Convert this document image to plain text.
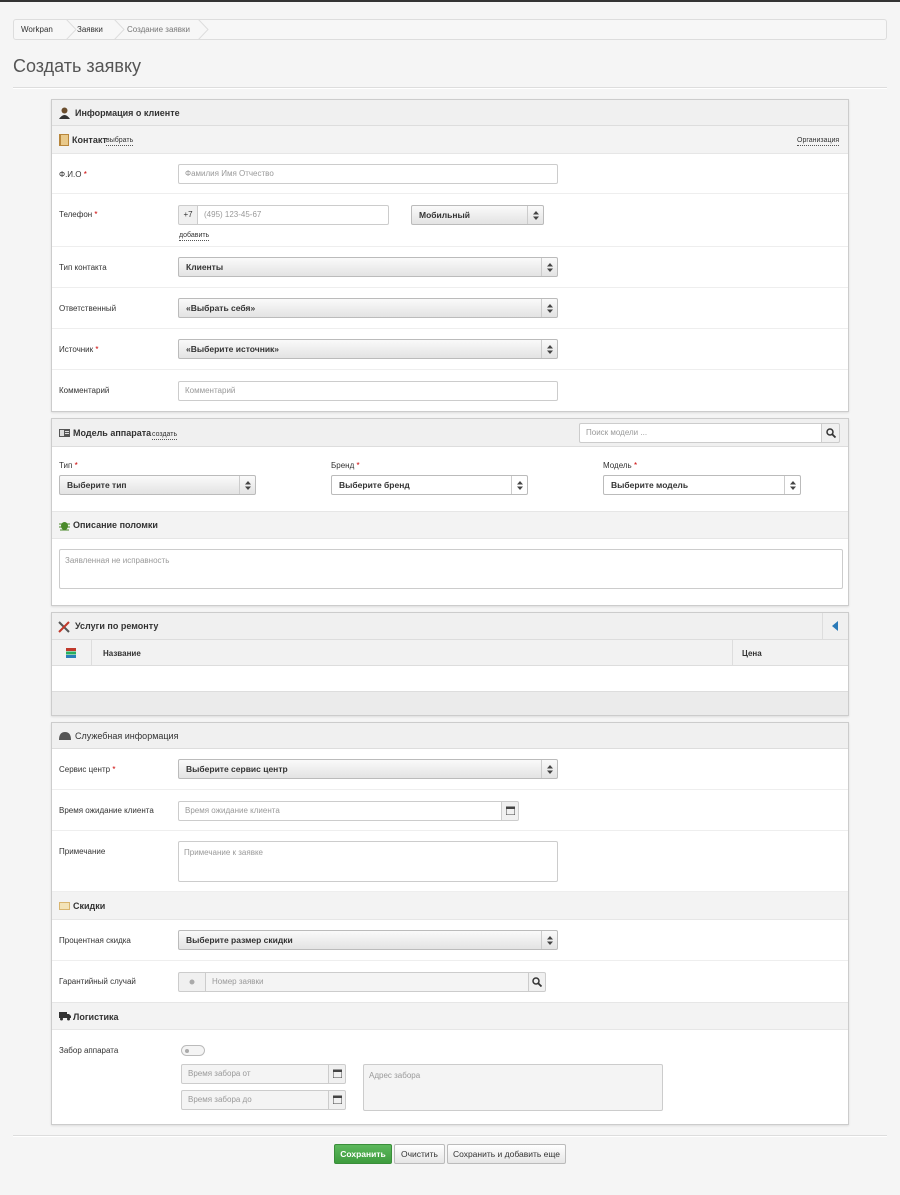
Workpan	Заявки	Создание заявки
Создать заявку
Информация о клиенте
Контакт выбрать	Организация
Ф.И.О *	Фамилия Имя Отчество
Телефон *	+7	(495) 123-45-67	Мобильный
добавить
Тип контакта	Клиенты
Ответственный	«Выбрать себя»
Источник *	«Выберите источник»
Комментарий	Комментарий
Модель аппарата создать	Поиск модели ...
Тип *
Выберите тип
Бренд *
Выберите бренд
Модель *
Выберите модель
Описание поломки
Заявленная не исправность
Услуги по ремонту
Название	Цена
Служебная информация
Сервис центр *	Выберите сервис центр
Время ожидание клиента	Время ожидание клиента
Примечание	Примечание к заявке
Скидки
Процентная скидка	Выберите размер скидки
Гарантийный случай	Номер заявки
Логистика
Забор аппарата
Время забора от
Время забора до
Адрес забора
Сохранить	Очистить	Сохранить и добавить еще
